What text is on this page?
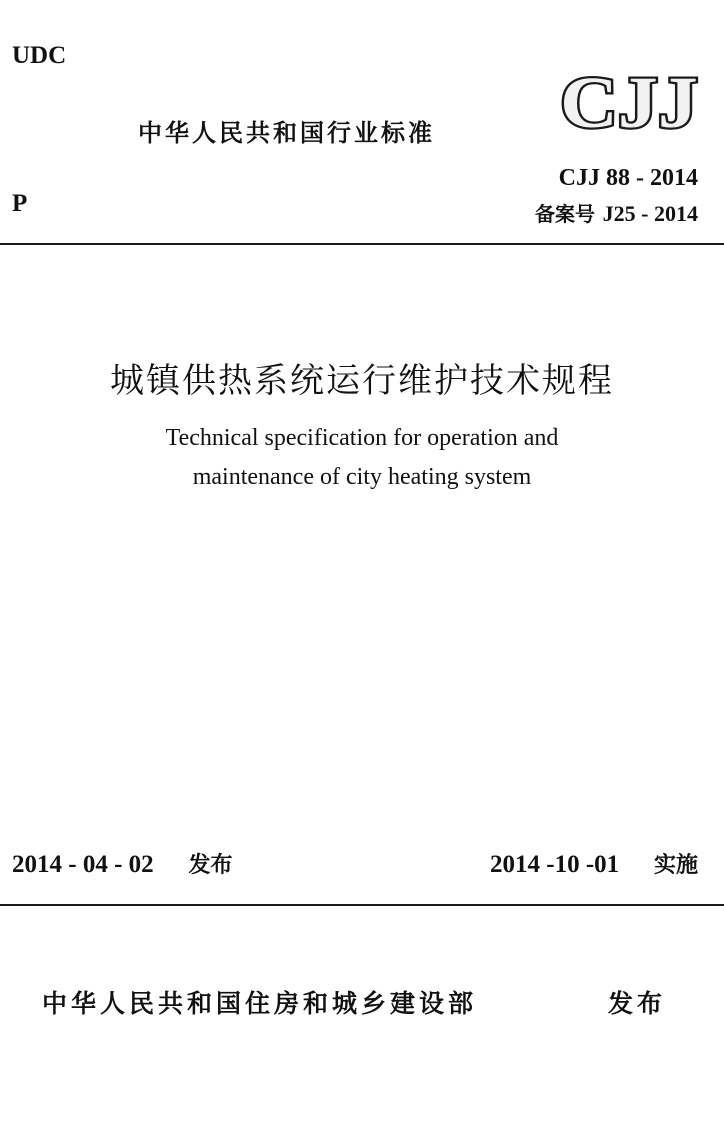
UDC
中华人民共和国行业标准 CJJ
P
CJJ 88 - 2014
备案号 J25 - 2014
城镇供热系统运行维护技术规程
Technical specification for operation and
maintenance of city heating system
2014 - 04 - 02 发布	2014 -10 -01 实施
中华人民共和国住房和城乡建设部	发布
